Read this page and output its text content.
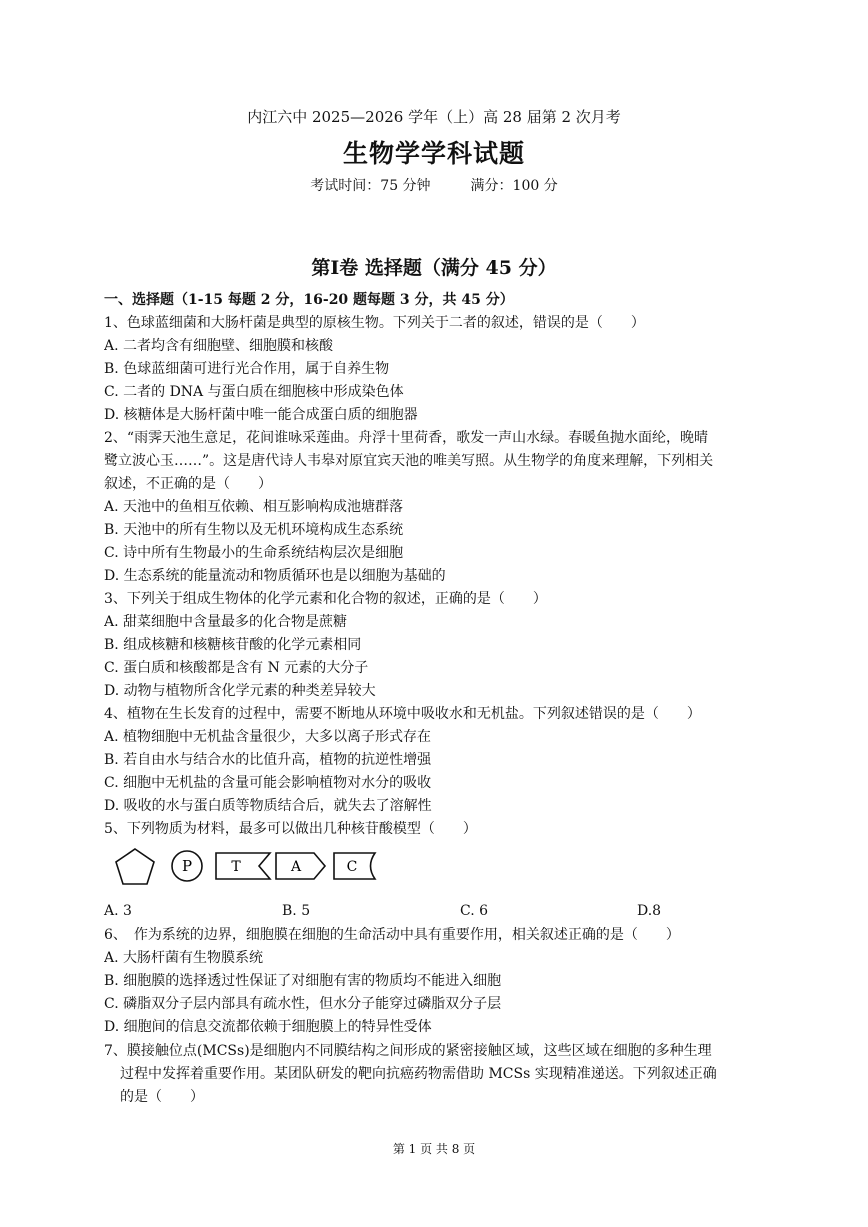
内江六中 2025—2026 学年（上）高 28 届第 2 次月考
生物学学科试题
考试时间：75 分钟	满分：100 分
第Ⅰ卷 选择题（满分 45 分）
一、选择题（1-15 每题 2 分，16-20 题每题 3 分，共 45 分）
1、色球蓝细菌和大肠杆菌是典型的原核生物。下列关于二者的叙述，错误的是（　　）
A. 二者均含有细胞壁、细胞膜和核酸
B. 色球蓝细菌可进行光合作用，属于自养生物
C. 二者的 DNA 与蛋白质在细胞核中形成染色体
D. 核糖体是大肠杆菌中唯一能合成蛋白质的细胞器
2、“雨霁天池生意足，花间谁咏采莲曲。舟浮十里荷香，歌发一声山水绿。春暖鱼抛水面纶，晚晴
鹭立波心玉……”。这是唐代诗人韦皋对原宜宾天池的唯美写照。从生物学的角度来理解，下列相关
叙述，不正确的是（　　）
A. 天池中的鱼相互依赖、相互影响构成池塘群落
B. 天池中的所有生物以及无机环境构成生态系统
C. 诗中所有生物最小的生命系统结构层次是细胞
D. 生态系统的能量流动和物质循环也是以细胞为基础的
3、下列关于组成生物体的化学元素和化合物的叙述，正确的是（　　）
A. 甜菜细胞中含量最多的化合物是蔗糖
B. 组成核糖和核糖核苷酸的化学元素相同
C. 蛋白质和核酸都是含有 N 元素的大分子
D. 动物与植物所含化学元素的种类差异较大
4、植物在生长发育的过程中，需要不断地从环境中吸收水和无机盐。下列叙述错误的是（　　）
A. 植物细胞中无机盐含量很少，大多以离子形式存在
B. 若自由水与结合水的比值升高，植物的抗逆性增强
C. 细胞中无机盐的含量可能会影响植物对水分的吸收
D. 吸收的水与蛋白质等物质结合后，就失去了溶解性
5、下列物质为材料，最多可以做出几种核苷酸模型（　　）
P	T	A	C
A. 3	B. 5	C. 6	D.8
6、　作为系统的边界，细胞膜在细胞的生命活动中具有重要作用，相关叙述正确的是（　　）
A. 大肠杆菌有生物膜系统
B. 细胞膜的选择透过性保证了对细胞有害的物质均不能进入细胞
C. 磷脂双分子层内部具有疏水性，但水分子能穿过磷脂双分子层
D. 细胞间的信息交流都依赖于细胞膜上的特异性受体
7、膜接触位点(MCSs)是细胞内不同膜结构之间形成的紧密接触区域，这些区域在细胞的多种生理
过程中发挥着重要作用。某团队研发的靶向抗癌药物需借助 MCSs 实现精准递送。下列叙述正确
的是（　　）
第 1 页 共 8 页
